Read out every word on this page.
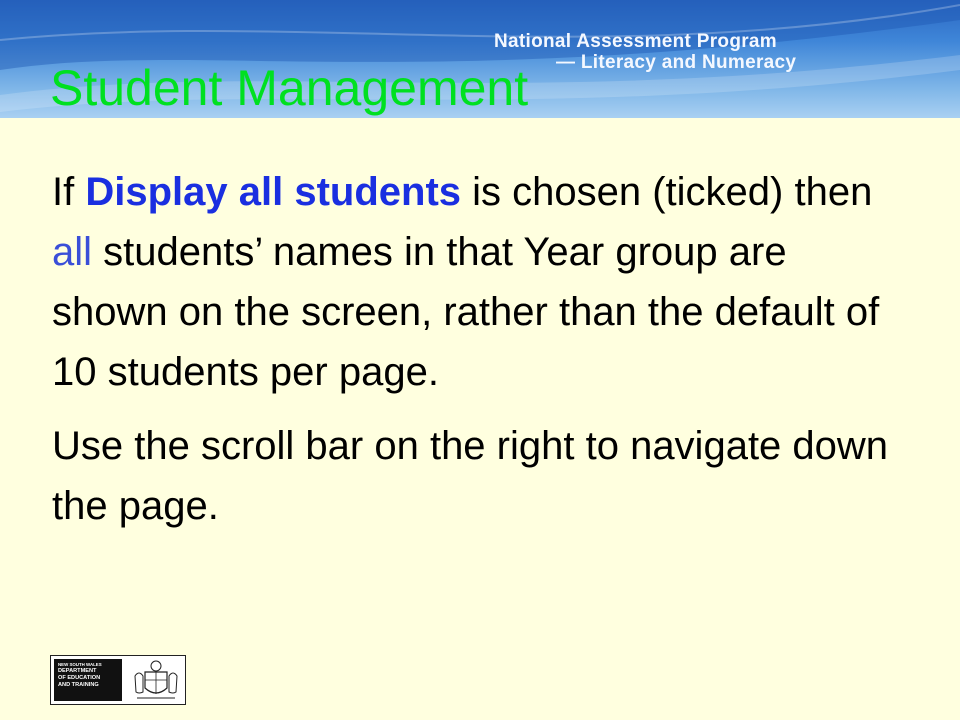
National Assessment Program
— Literacy and Numeracy
Student Management

If Display all students is chosen (ticked) then all students’ names in that Year group are shown on the screen, rather than the default of 10 students per page.

Use the scroll bar on the right to navigate down the page.

NEW SOUTH WALES
DEPARTMENT
OF EDUCATION
AND TRAINING
